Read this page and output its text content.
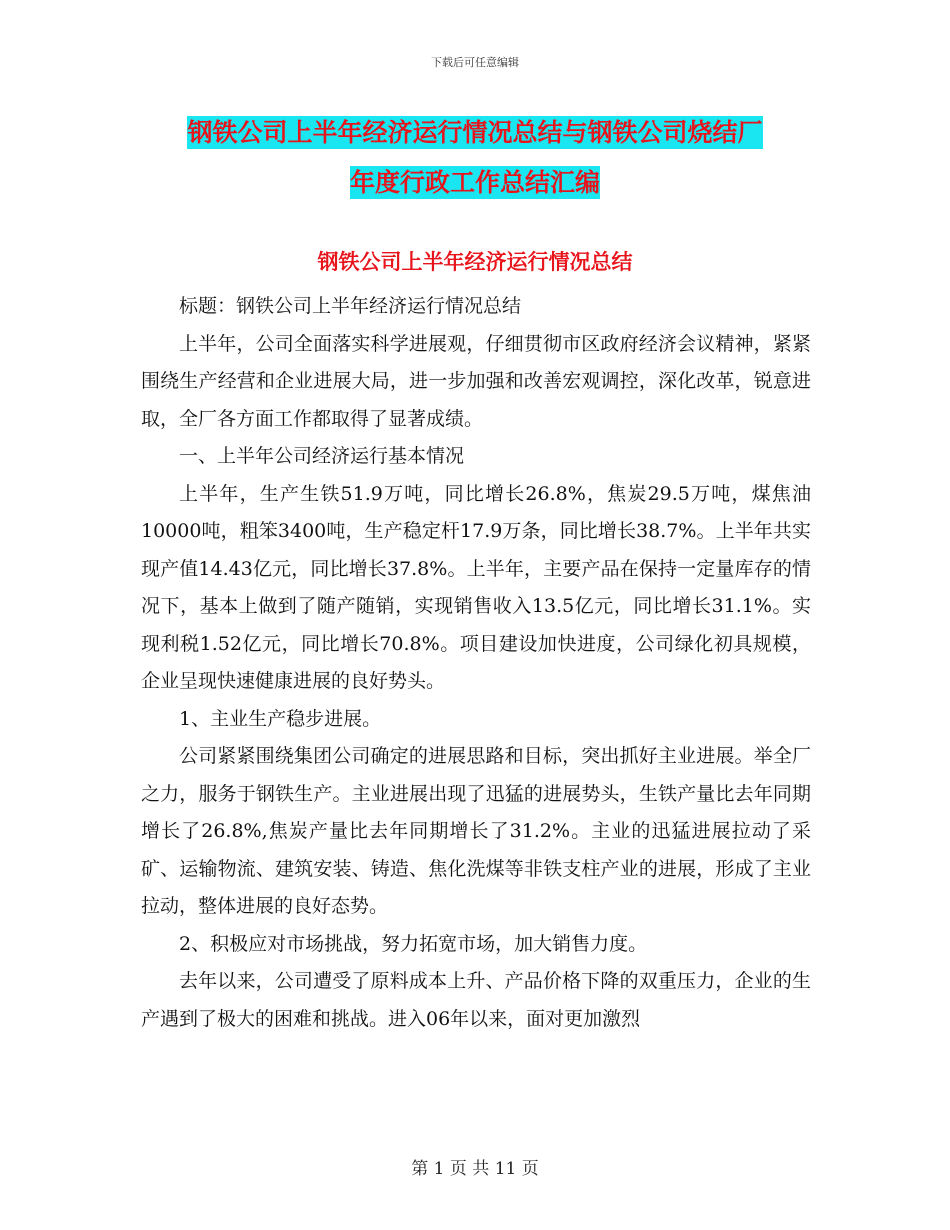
下载后可任意编辑
钢铁公司上半年经济运行情况总结与钢铁公司烧结厂
年度行政工作总结汇编
钢铁公司上半年经济运行情况总结

标题：钢铁公司上半年经济运行情况总结

上半年，公司全面落实科学进展观，仔细贯彻市区政府经济会议精神，紧紧围绕生产经营和企业进展大局，进一步加强和改善宏观调控，深化改革，锐意进取，全厂各方面工作都取得了显著成绩。

一、上半年公司经济运行基本情况

上半年，生产生铁51.9万吨，同比增长26.8%，焦炭29.5万吨，煤焦油10000吨，粗笨3400吨，生产稳定杆17.9万条，同比增长38.7%。上半年共实现产值14.43亿元，同比增长37.8%。上半年，主要产品在保持一定量库存的情况下，基本上做到了随产随销，实现销售收入13.5亿元，同比增长31.1%。实现利税1.52亿元，同比增长70.8%。项目建设加快进度，公司绿化初具规模，企业呈现快速健康进展的良好势头。

1、主业生产稳步进展。

公司紧紧围绕集团公司确定的进展思路和目标，突出抓好主业进展。举全厂之力，服务于钢铁生产。主业进展出现了迅猛的进展势头，生铁产量比去年同期增长了26.8%,焦炭产量比去年同期增长了31.2%。主业的迅猛进展拉动了采矿、运输物流、建筑安装、铸造、焦化洗煤等非铁支柱产业的进展，形成了主业拉动，整体进展的良好态势。

2、积极应对市场挑战，努力拓宽市场，加大销售力度。

去年以来，公司遭受了原料成本上升、产品价格下降的双重压力，企业的生产遇到了极大的困难和挑战。进入06年以来，面对更加激烈

第 1 页 共 11 页
